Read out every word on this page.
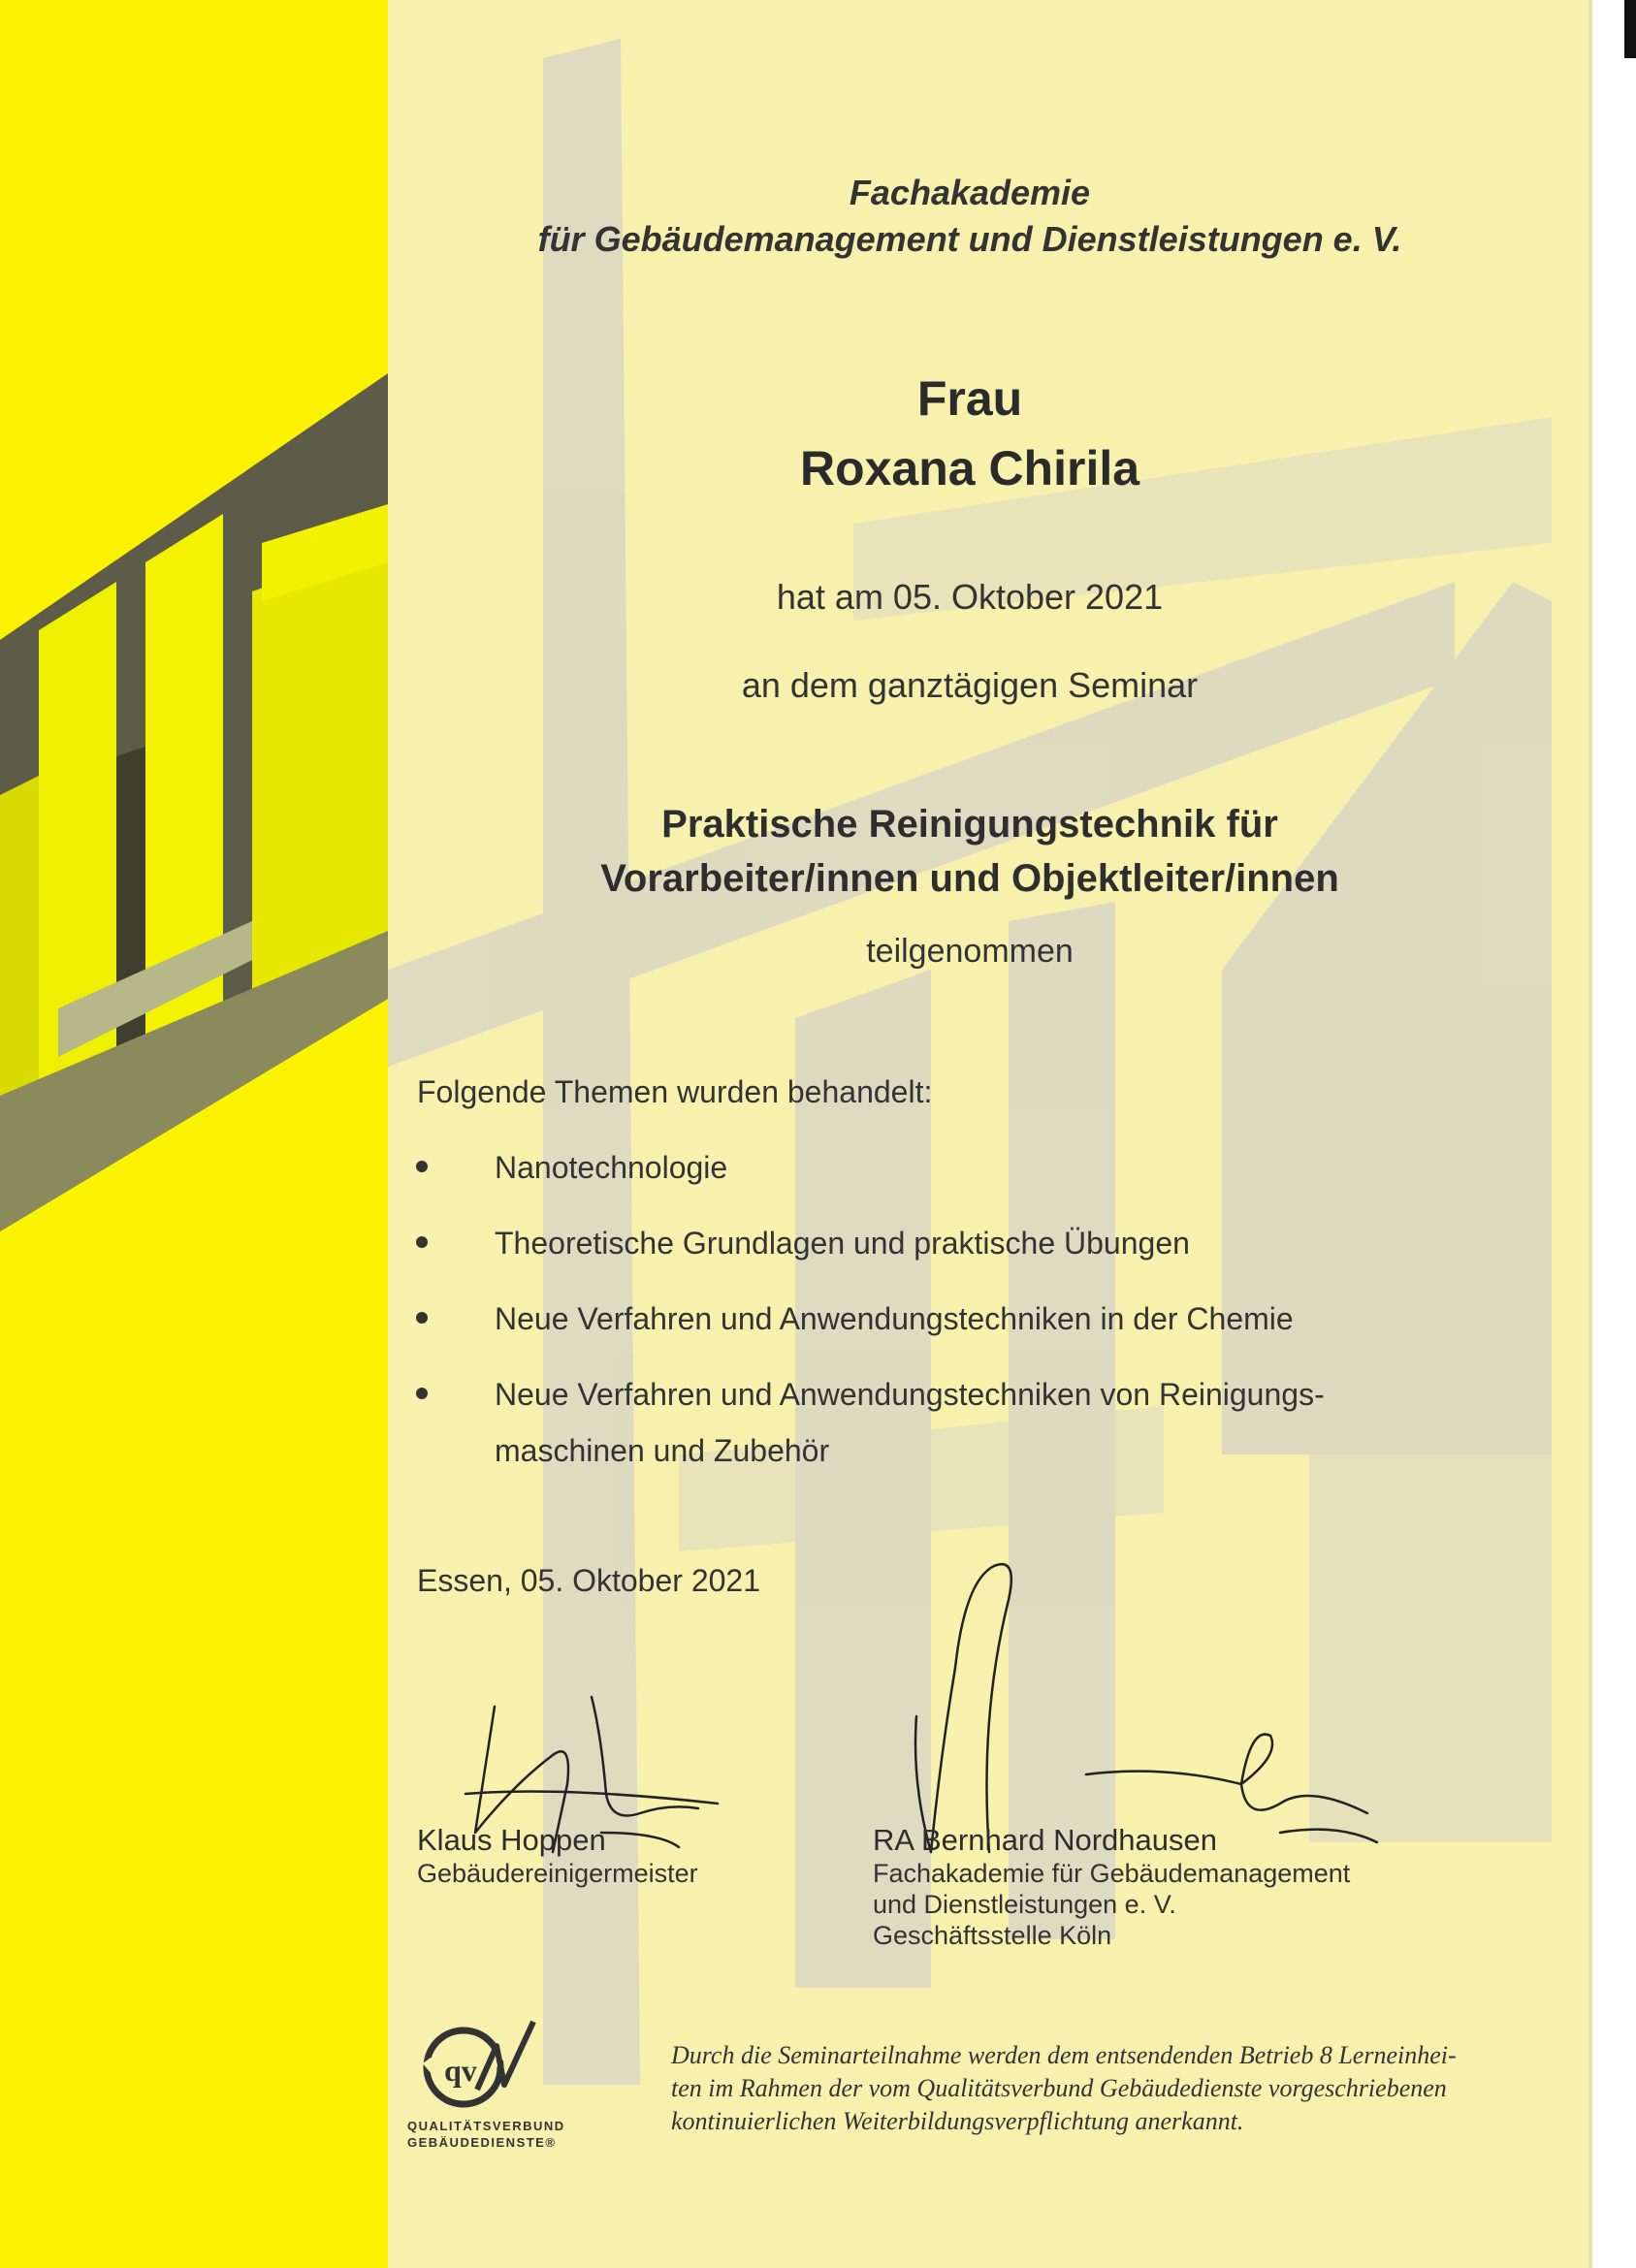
Fachakademie
für Gebäudemanagement und Dienstleistungen e. V.
Frau
Roxana Chirila
hat am 05. Oktober 2021
an dem ganztägigen Seminar
Praktische Reinigungstechnik für
Vorarbeiter/innen und Objektleiter/innen
teilgenommen
Folgende Themen wurden behandelt:
Nanotechnologie
Theoretische Grundlagen und praktische Übungen
Neue Verfahren und Anwendungstechniken in der Chemie
Neue Verfahren und Anwendungstechniken von Reinigungs-maschinen und Zubehör
Essen, 05. Oktober 2021
Klaus Hoppen
Gebäudereinigermeister
RA Bernhard Nordhausen
Fachakademie für Gebäudemanagement
und Dienstleistungen e. V.
Geschäftsstelle Köln
qv
QUALITÄTSVERBUND
GEBÄUDEDIENSTE®
Durch die Seminarteilnahme werden dem entsendenden Betrieb 8 Lerneinhei-
ten im Rahmen der vom Qualitätsverbund Gebäudedienste vorgeschriebenen
kontinuierlichen Weiterbildungsverpflichtung anerkannt.
